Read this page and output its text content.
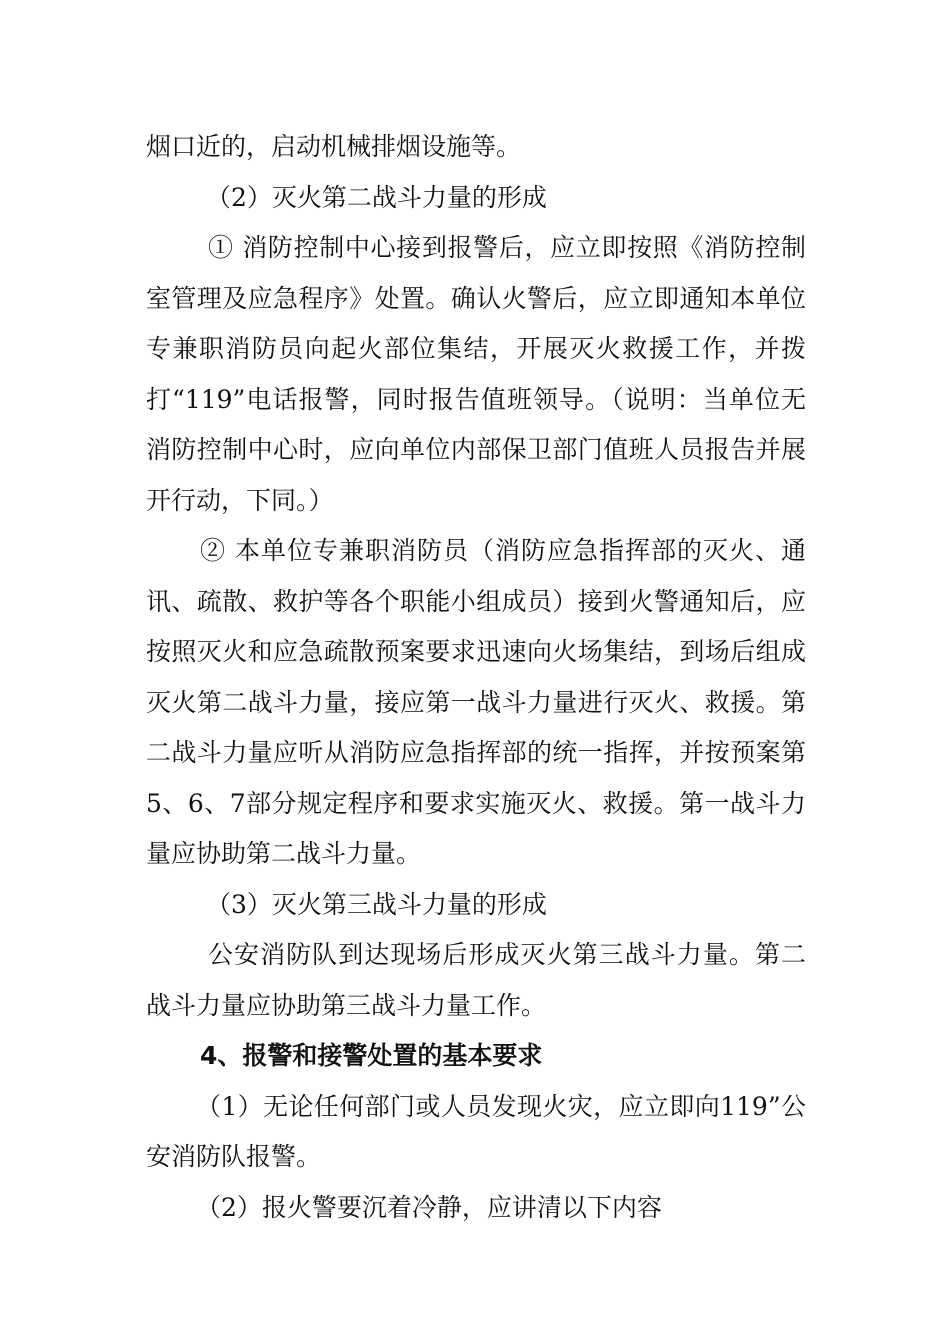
烟口近的，启动机械排烟设施等。

（2）灭火第二战斗力量的形成

① 消防控制中心接到报警后，应立即按照《消防控制室管理及应急程序》处置。确认火警后，应立即通知本单位专兼职消防员向起火部位集结，开展灭火救援工作，并拨打“119”电话报警，同时报告值班领导。（说明：当单位无消防控制中心时，应向单位内部保卫部门值班人员报告并展开行动，下同。）

② 本单位专兼职消防员（消防应急指挥部的灭火、通讯、疏散、救护等各个职能小组成员）接到火警通知后，应按照灭火和应急疏散预案要求迅速向火场集结，到场后组成灭火第二战斗力量，接应第一战斗力量进行灭火、救援。第二战斗力量应听从消防应急指挥部的统一指挥，并按预案第5、6、7部分规定程序和要求实施灭火、救援。第一战斗力量应协助第二战斗力量。

（3）灭火第三战斗力量的形成

公安消防队到达现场后形成灭火第三战斗力量。第二战斗力量应协助第三战斗力量工作。

4、报警和接警处置的基本要求

（1）无论任何部门或人员发现火灾，应立即向119”公安消防队报警。

（2）报火警要沉着冷静，应讲清以下内容
